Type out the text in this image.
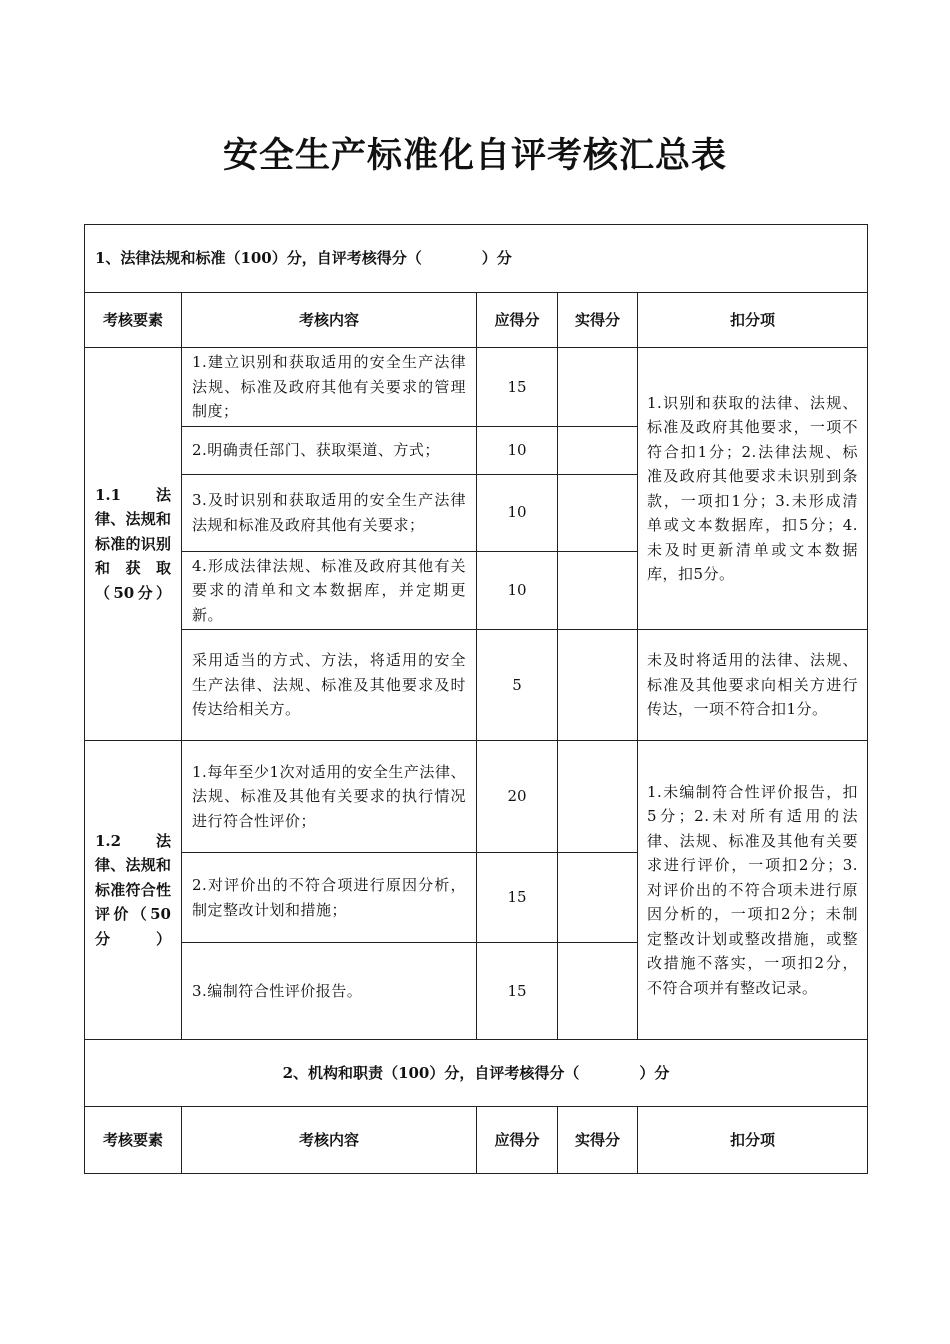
安全生产标准化自评考核汇总表
1、法律法规和标准（100）分，自评考核得分（　　　　）分				
考核要素	考核内容	应得分	实得分	扣分项
1.1 法律、法规和标准的识别和获取（50分）	1.建立识别和获取适用的安全生产法律法规、标准及政府其他有关要求的管理制度；	15		1.识别和获取的法律、法规、标准及政府其他要求，一项不符合扣1分；2.法律法规、标准及政府其他要求未识别到条款，一项扣1分；3.未形成清单或文本数据库，扣5分；4.未及时更新清单或文本数据库，扣5分。
	2.明确责任部门、获取渠道、方式；	10		
	3.及时识别和获取适用的安全生产法律法规和标准及政府其他有关要求；	10		
	4.形成法律法规、标准及政府其他有关要求的清单和文本数据库，并定期更新。	10		
	采用适当的方式、方法，将适用的安全生产法律、法规、标准及其他要求及时传达给相关方。	5		未及时将适用的法律、法规、标准及其他要求向相关方进行传达，一项不符合扣1分。
1.2 法律、法规和标准符合性评价（50分）	1.每年至少1次对适用的安全生产法律、法规、标准及其他有关要求的执行情况进行符合性评价；	20		1.未编制符合性评价报告，扣5分；2.未对所有适用的法律、法规、标准及其他有关要求进行评价，一项扣2分；3.对评价出的不符合项未进行原因分析的，一项扣2分；未制定整改计划或整改措施，或整改措施不落实，一项扣2分，不符合项并有整改记录。
	2.对评价出的不符合项进行原因分析，制定整改计划和措施；	15		
	3.编制符合性评价报告。	15		
2、机构和职责（100）分，自评考核得分（　　　　）分				
考核要素	考核内容	应得分	实得分	扣分项
